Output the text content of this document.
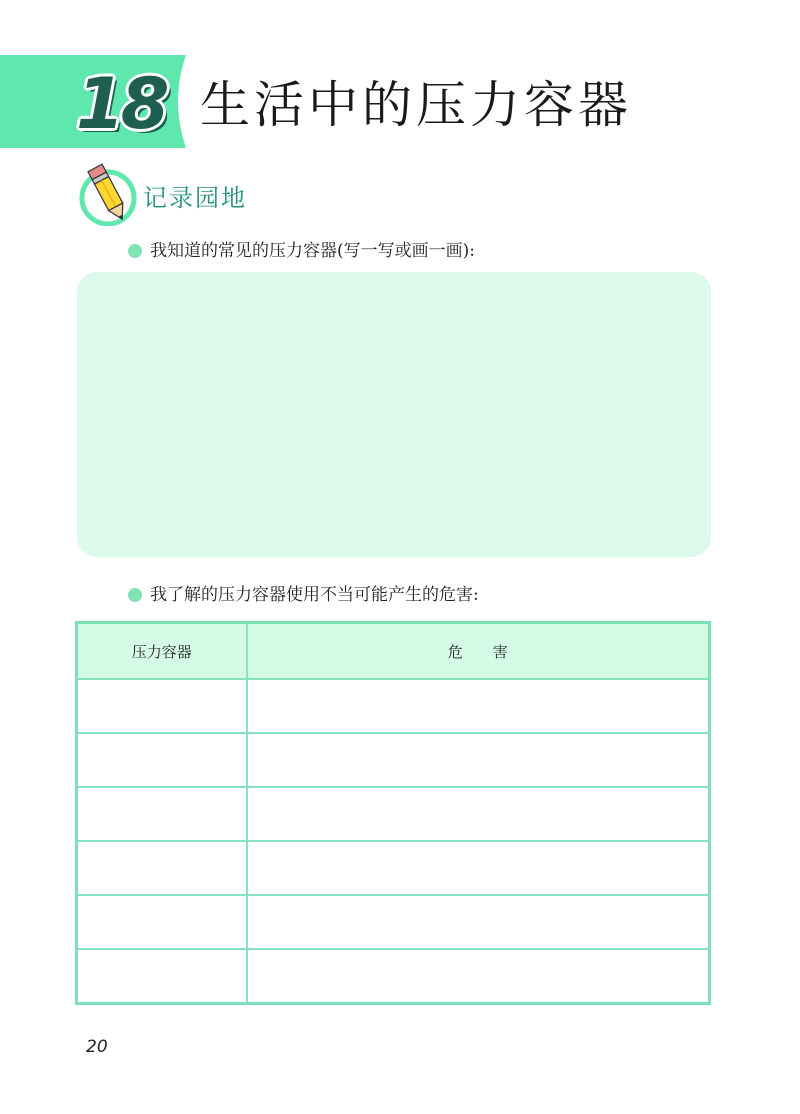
18 生活中的压力容器
记录园地
我知道的常见的压力容器(写一写或画一画):
我了解的压力容器使用不当可能产生的危害:
压力容器	危　　害

20
